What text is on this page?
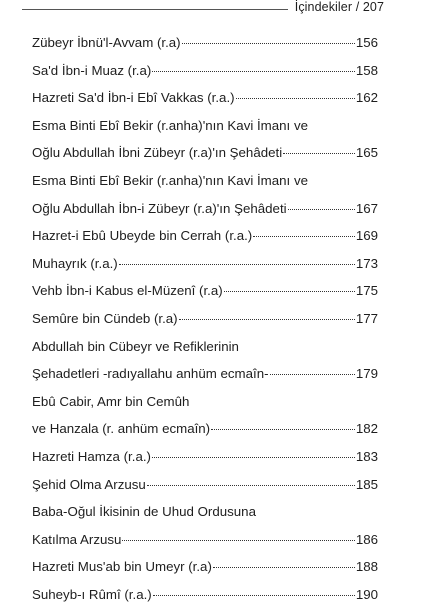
İçindekiler / 207
Zübeyr İbnü'l-Avvam (r.a)	156
Sa'd İbn-i Muaz (r.a)	158
Hazreti Sa'd İbn-i Ebî Vakkas (r.a.)	162
Esma Binti Ebî Bekir (r.anha)'nın Kavi İmanı ve
Oğlu Abdullah İbni Zübeyr (r.a)'ın Şehâdeti	165
Esma Binti Ebî Bekir (r.anha)'nın Kavi İmanı ve
Oğlu Abdullah İbn-i Zübeyr (r.a)'ın Şehâdeti	167
Hazret-i Ebû Ubeyde bin Cerrah (r.a.)	169
Muhayrık (r.a.)	173
Vehb İbn-i Kabus el-Müzenî (r.a)	175
Semûre bin Cündeb (r.a)	177
Abdullah bin Cübeyr ve Refiklerinin
Şehadetleri -radıyallahu anhüm ecmaîn-	179
Ebû Cabir, Amr bin Cemûh
ve Hanzala (r. anhüm ecmaîn)	182
Hazreti Hamza (r.a.)	183
Şehid Olma Arzusu	185
Baba-Oğul İkisinin de Uhud Ordusuna
Katılma Arzusu	186
Hazreti Mus'ab bin Umeyr (r.a)	188
Suheyb-ı Rûmî (r.a.)	190
